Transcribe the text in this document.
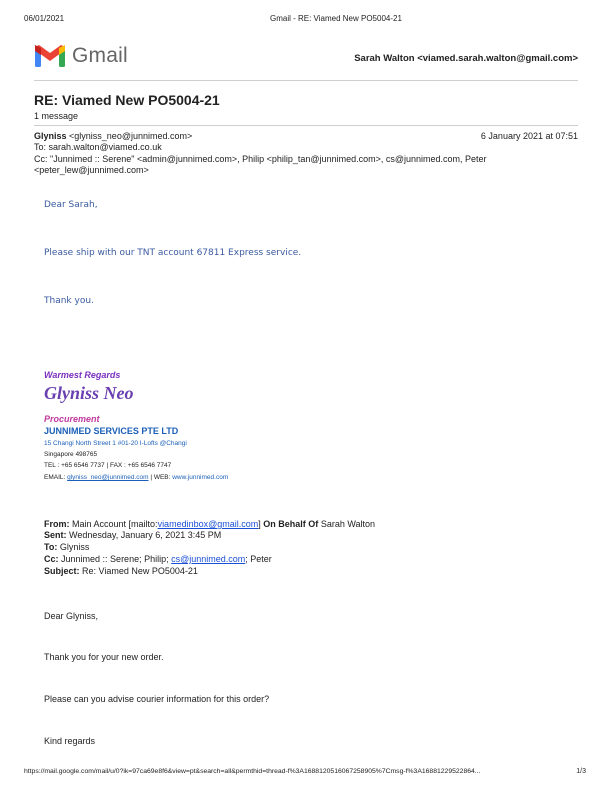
06/01/2021	Gmail - RE: Viamed New PO5004-21
Gmail	Sarah Walton <viamed.sarah.walton@gmail.com>
RE: Viamed New PO5004-21
1 message
Glyniss <glyniss_neo@junnimed.com>	6 January 2021 at 07:51
To: sarah.walton@viamed.co.uk
Cc: "Junnimed :: Serene" <admin@junnimed.com>, Philip <philip_tan@junnimed.com>, cs@junnimed.com, Peter
<peter_lew@junnimed.com>
Dear Sarah,
Please ship with our TNT account 67811 Express service.
Thank you.
Warmest Regards
Glyniss Neo
Procurement
JUNNIMED SERVICES PTE LTD
15 Changi North Street 1 #01-20 I-Lofts @Changi
Singapore 498765
TEL : +65 6546 7737 | FAX : +65 6546 7747
EMAIL: glyniss_neo@junnimed.com | WEB: www.junnimed.com
From: Main Account [mailto:viamedinbox@gmail.com] On Behalf Of Sarah Walton
Sent: Wednesday, January 6, 2021 3:45 PM
To: Glyniss
Cc: Junnimed :: Serene; Philip; cs@junnimed.com; Peter
Subject: Re: Viamed New PO5004-21
Dear Glyniss,
Thank you for your new order.
Please can you advise courier information for this order?
Kind regards
https://mail.google.com/mail/u/0?ik=97ca69e8f6&view=pt&search=all&permthid=thread-f%3A1688120516067258905%7Cmsg-f%3A16881229522864...	1/3
